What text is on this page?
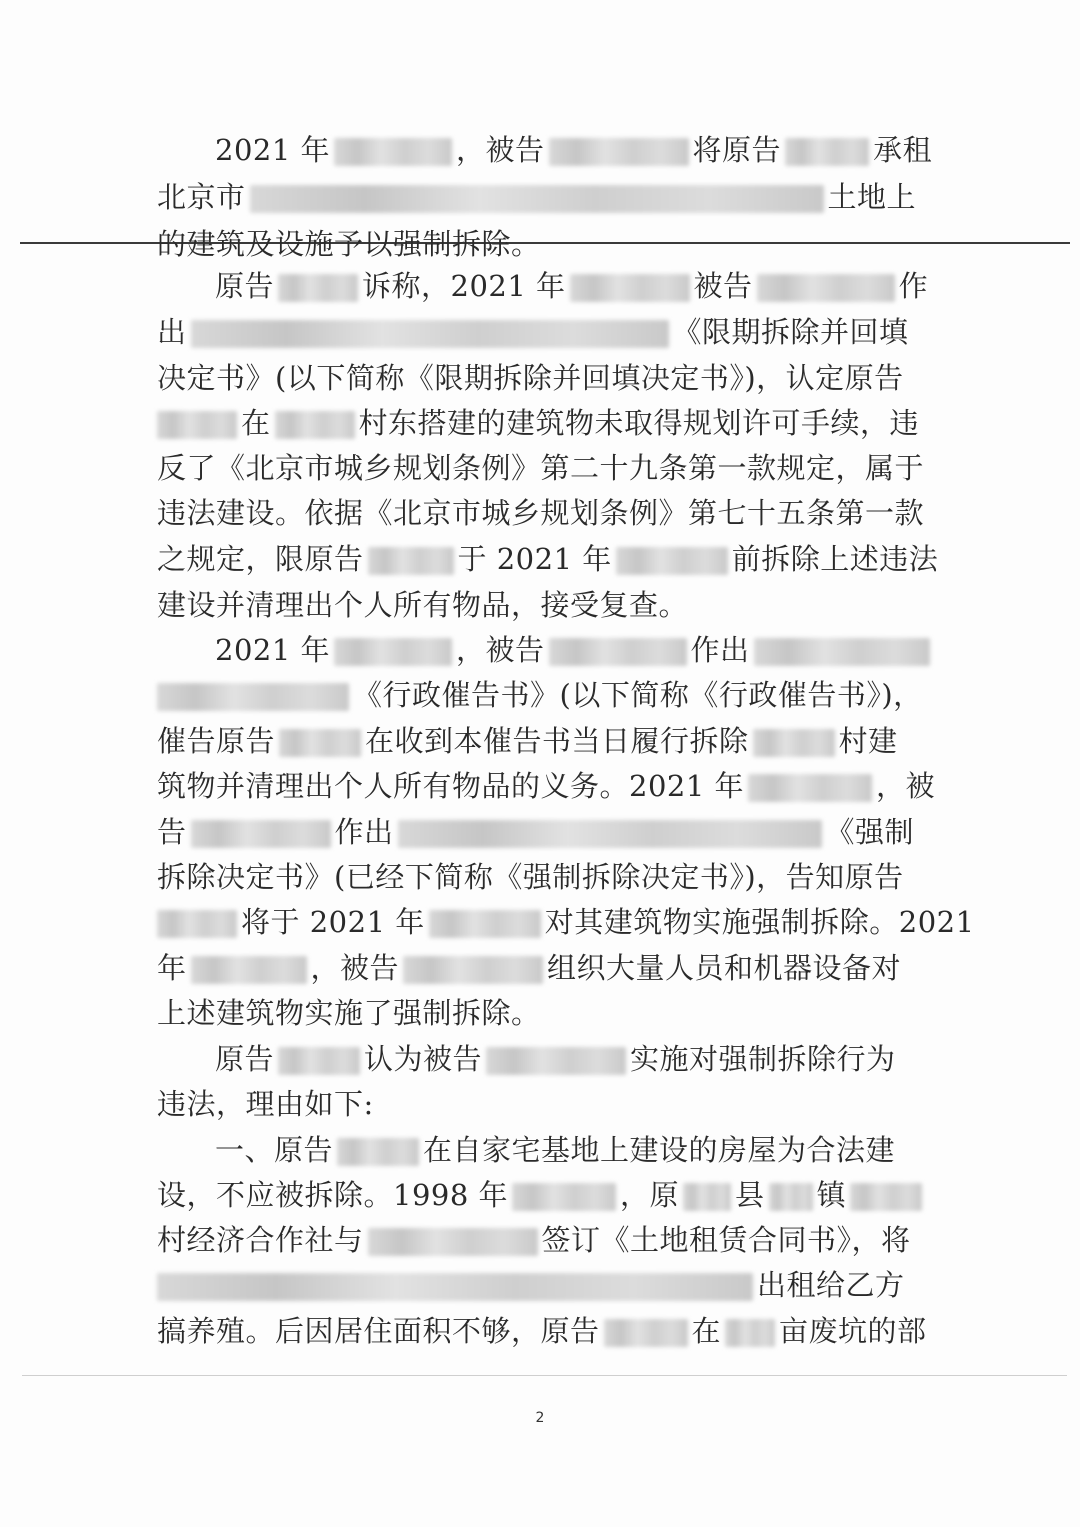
2021 年	，被告	将原告	承租
北京市	土地上
的建筑及设施予以强制拆除。
原告	诉称，2021 年	被告	作
出	《限期拆除并回填
决定书》(以下简称《限期拆除并回填决定书》)，认定原告
在	村东搭建的建筑物未取得规划许可手续，违
反了《北京市城乡规划条例》第二十九条第一款规定，属于
违法建设。依据《北京市城乡规划条例》第七十五条第一款
之规定，限原告	于 2021 年	前拆除上述违法
建设并清理出个人所有物品，接受复查。
2021 年	，被告	作出
《行政催告书》(以下简称《行政催告书》)，
催告原告	在收到本催告书当日履行拆除	村建
筑物并清理出个人所有物品的义务。2021 年	，被
告	作出	《强制
拆除决定书》(已经下简称《强制拆除决定书》)，告知原告
将于 2021 年	对其建筑物实施强制拆除。2021
年	，被告	组织大量人员和机器设备对
上述建筑物实施了强制拆除。
原告	认为被告	实施对强制拆除行为
违法，理由如下:
一、原告	在自家宅基地上建设的房屋为合法建
设，不应被拆除。1998 年	，原 县 镇
村经济合作社与	签订《土地租赁合同书》，将
出租给乙方
搞养殖。后因居住面积不够，原告	在 亩废坑的部
2
